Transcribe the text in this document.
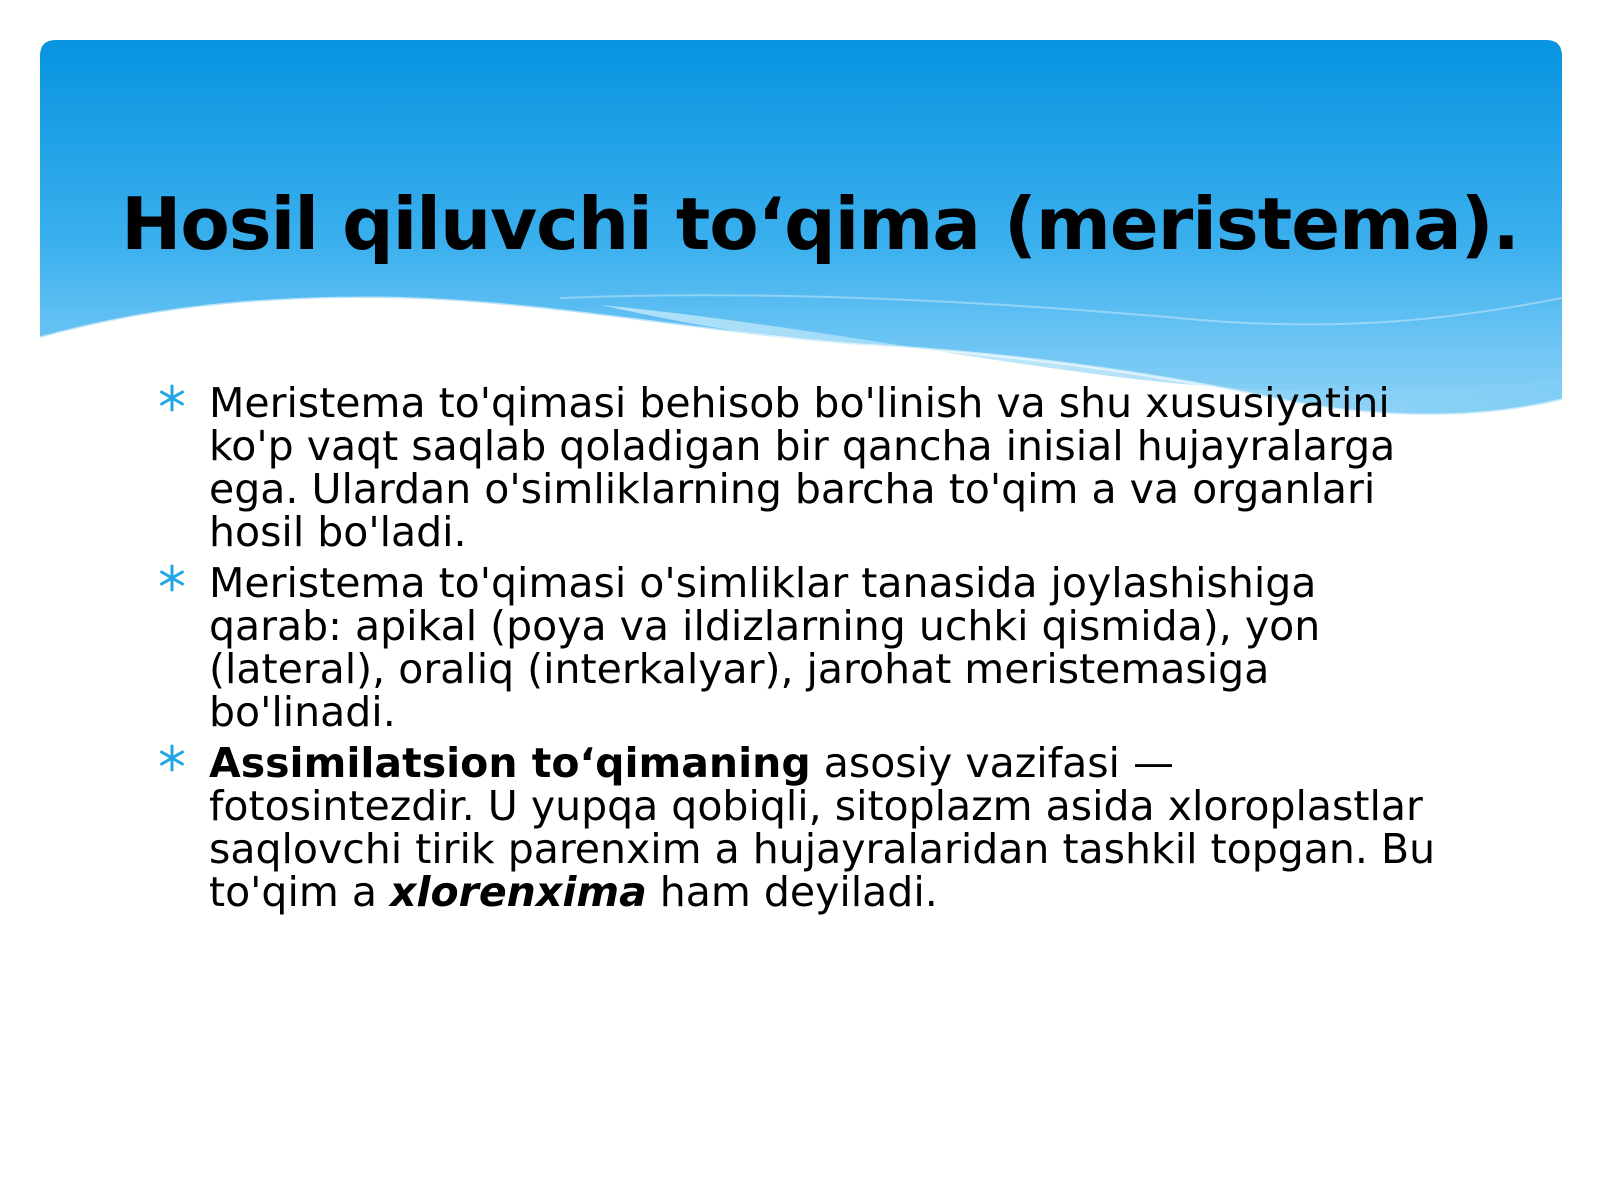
Hosil qiluvchi to‘qima (meristema).
Meristema to'qimasi behisob bo'linish va shu xususiyatini ko'p vaqt saqlab qoladigan bir qancha inisial hujayralarga ega. Ulardan o'simliklarning barcha to'qim a va organlari hosil bo'ladi.
Meristema to'qimasi o'simliklar tanasida joylashishiga qarab: apikal (poya va ildizlarning uchki qismida), yon (lateral), oraliq (interkalyar), jarohat meristemasiga bo'linadi.
Assimilatsion to‘qimaning asosiy vazifasi — fotosintezdir. U yupqa qobiqli, sitoplazm asida xloroplastlar saqlovchi tirik parenxim a hujayralaridan tashkil topgan. Bu to'qim a xlorenxima ham deyiladi.
